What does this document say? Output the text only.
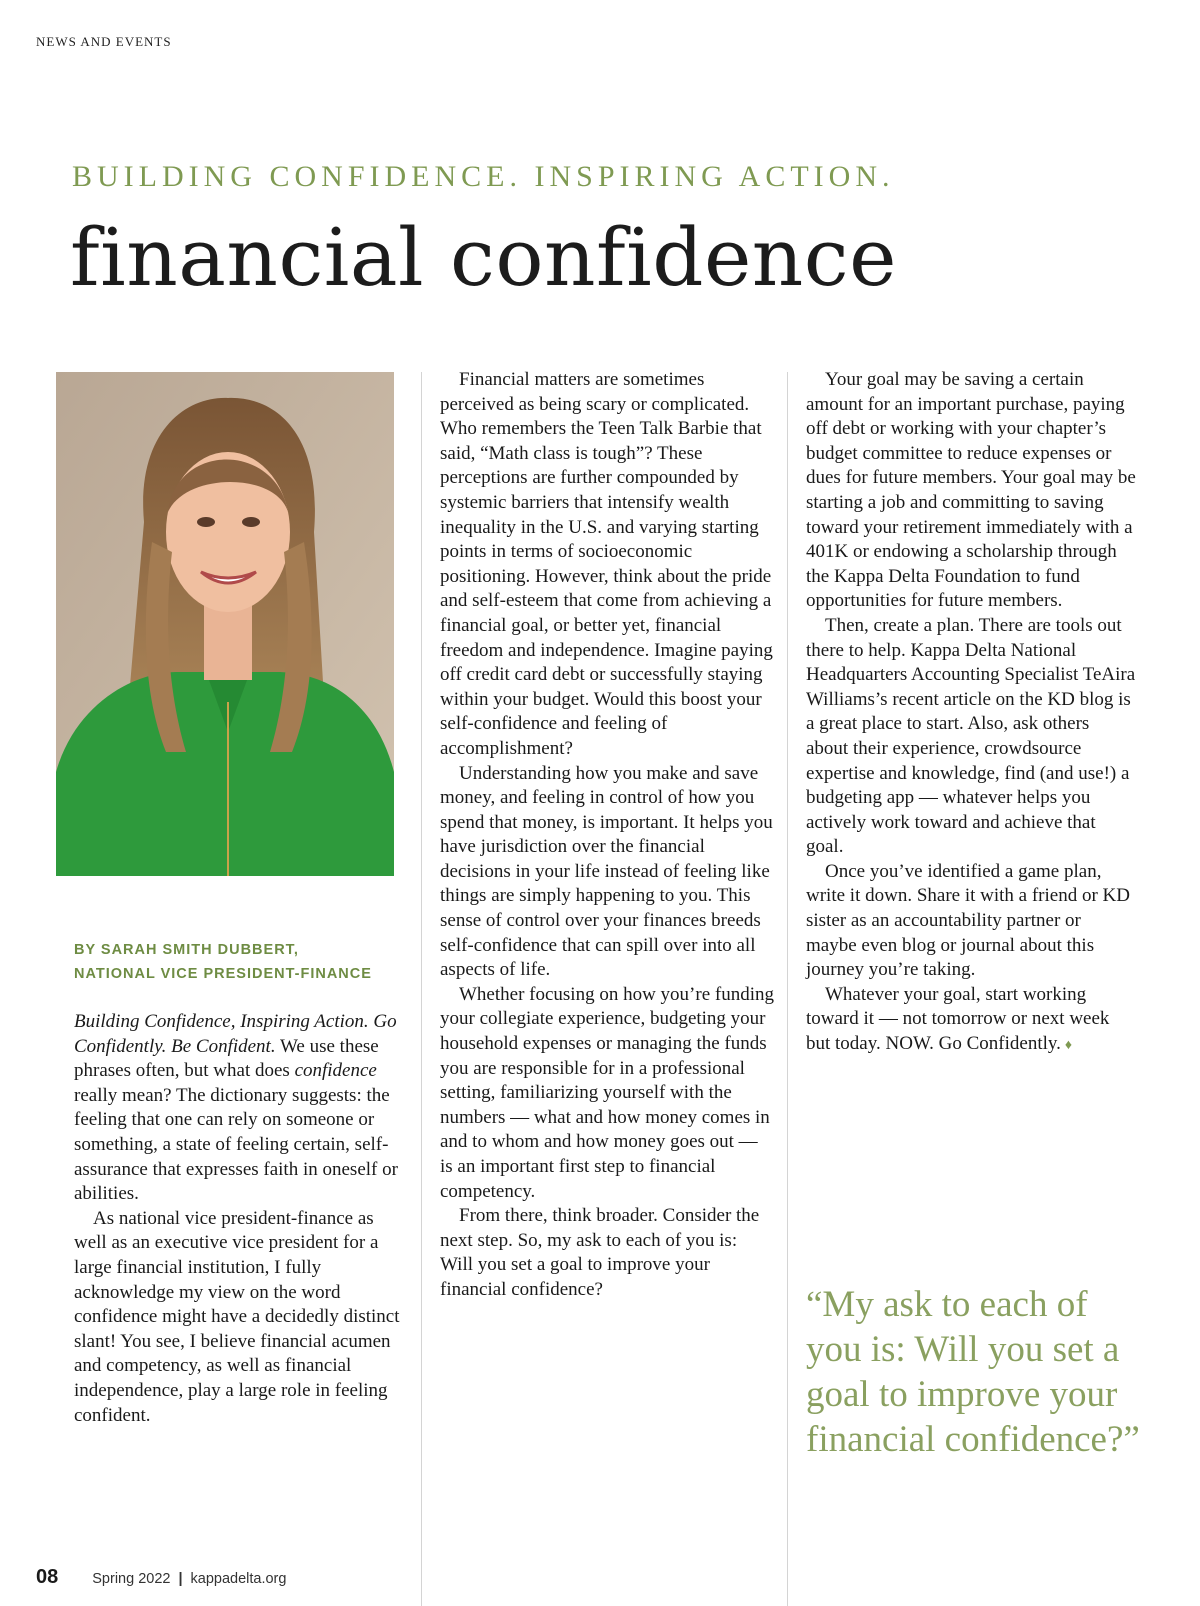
NEWS AND EVENTS
BUILDING CONFIDENCE. INSPIRING ACTION.
financial confidence
BY SARAH SMITH DUBBERT,
NATIONAL VICE PRESIDENT-FINANCE

Building Confidence, Inspiring Action. Go Confidently. Be Confident. We use these phrases often, but what does confidence really mean? The dictionary suggests: the feeling that one can rely on someone or something, a state of feeling certain, self-assurance that expresses faith in oneself or abilities.

As national vice president-finance as well as an executive vice president for a large financial institution, I fully acknowledge my view on the word confidence might have a decidedly distinct slant! You see, I believe financial acumen and competency, as well as financial independence, play a large role in feeling confident.

Financial matters are sometimes perceived as being scary or complicated. Who remembers the Teen Talk Barbie that said, “Math class is tough”? These perceptions are further compounded by systemic barriers that intensify wealth inequality in the U.S. and varying starting points in terms of socioeconomic positioning. However, think about the pride and self-esteem that come from achieving a financial goal, or better yet, financial freedom and independence. Imagine paying off credit card debt or successfully staying within your budget. Would this boost your self-confidence and feeling of accomplishment?

Understanding how you make and save money, and feeling in control of how you spend that money, is important. It helps you have jurisdiction over the financial decisions in your life instead of feeling like things are simply happening to you. This sense of control over your finances breeds self-confidence that can spill over into all aspects of life.

Whether focusing on how you’re funding your collegiate experience, budgeting your household expenses or managing the funds you are responsible for in a professional setting, familiarizing yourself with the numbers — what and how money comes in and to whom and how money goes out — is an important first step to financial competency.

From there, think broader. Consider the next step. So, my ask to each of you is: Will you set a goal to improve your financial confidence?

Your goal may be saving a certain amount for an important purchase, paying off debt or working with your chapter’s budget committee to reduce expenses or dues for future members. Your goal may be starting a job and committing to saving toward your retirement immediately with a 401K or endowing a scholarship through the Kappa Delta Foundation to fund opportunities for future members.

Then, create a plan. There are tools out there to help. Kappa Delta National Headquarters Accounting Specialist TeAira Williams’s recent article on the KD blog is a great place to start. Also, ask others about their experience, crowdsource expertise and knowledge, find (and use!) a budgeting app — whatever helps you actively work toward and achieve that goal.

Once you’ve identified a game plan, write it down. Share it with a friend or KD sister as an accountability partner or maybe even blog or journal about this journey you’re taking.

Whatever your goal, start working toward it — not tomorrow or next week but today. NOW. Go Confidently. ♦

“My ask to each of you is: Will you set a goal to improve your financial confidence?”
08 Spring 2022 | kappadelta.org
